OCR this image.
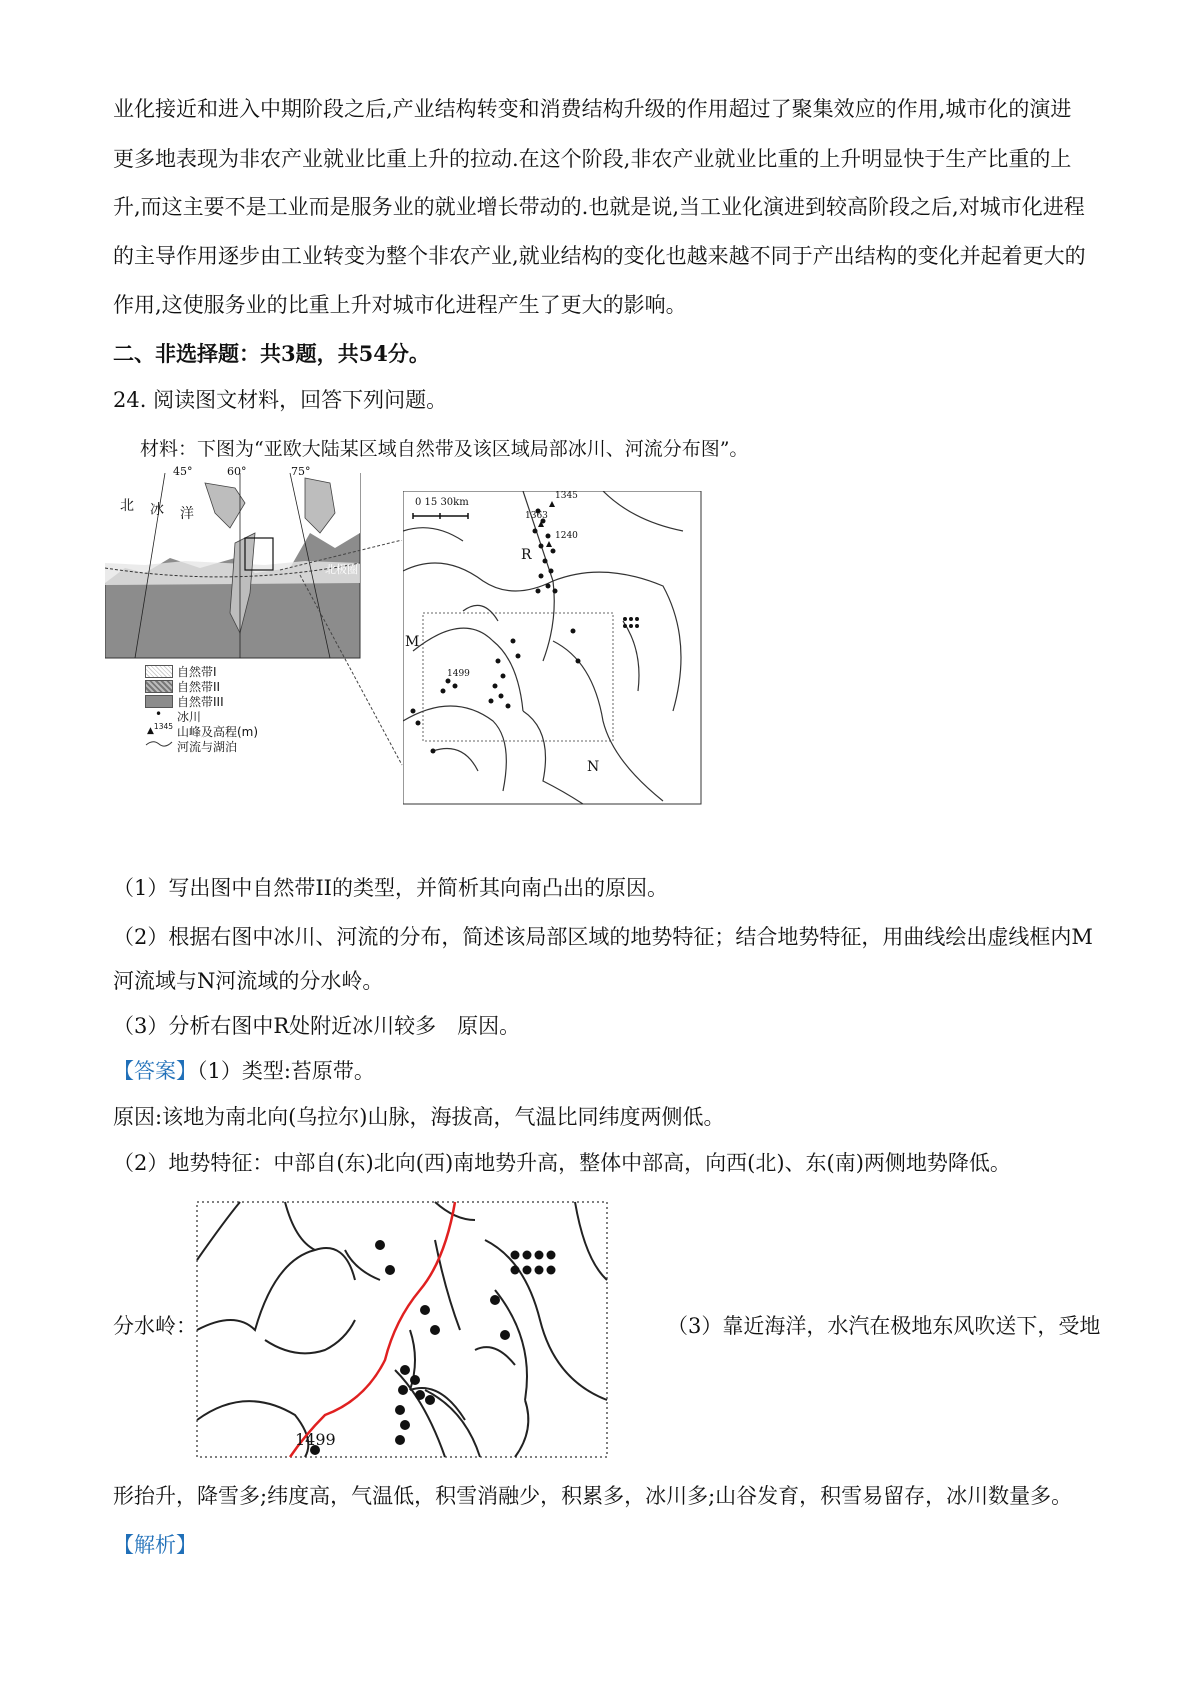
业化接近和进入中期阶段之后,产业结构转变和消费结构升级的作用超过了聚集效应的作用,城市化的演进
更多地表现为非农产业就业比重上升的拉动.在这个阶段,非农产业就业比重的上升明显快于生产比重的上
升,而这主要不是工业而是服务业的就业增长带动的.也就是说,当工业化演进到较高阶段之后,对城市化进程
的主导作用逐步由工业转变为整个非农产业,就业结构的变化也越来越不同于产出结构的变化并起着更大的
作用,这使服务业的比重上升对城市化进程产生了更大的影响。
二、非选择题：共3题，共54分。
24. 阅读图文材料，回答下列问题。
材料：下图为“亚欧大陆某区域自然带及该区域局部冰川、河流分布图”。
45°	60°	75°
北 冰 洋
北极圈
自然带I
自然带II
自然带III
• 冰川
▲$^{1345}$ 山峰及高程(m)
河流与湖泊
0 15 30km
1345
1363
1240
1499
R
M
N
（1）写出图中自然带II的类型，并简析其向南凸出的原因。
（2）根据右图中冰川、河流的分布，简述该局部区域的地势特征；结合地势特征，用曲线绘出虚线框内M
河流域与N河流域的分水岭。
（3）分析右图中R处附近冰川较多　原因。
【答案】（1）类型:苔原带。
原因:该地为南北向(乌拉尔)山脉，海拔高，气温比同纬度两侧低。
（2）地势特征：中部自(东)北向(西)南地势升高，整体中部高，向西(北)、东(南)两侧地势降低。
分水岭：
1499
（3）靠近海洋，水汽在极地东风吹送下，受地
形抬升，降雪多;纬度高，气温低，积雪消融少，积累多，冰川多;山谷发育，积雪易留存，冰川数量多。
【解析】
